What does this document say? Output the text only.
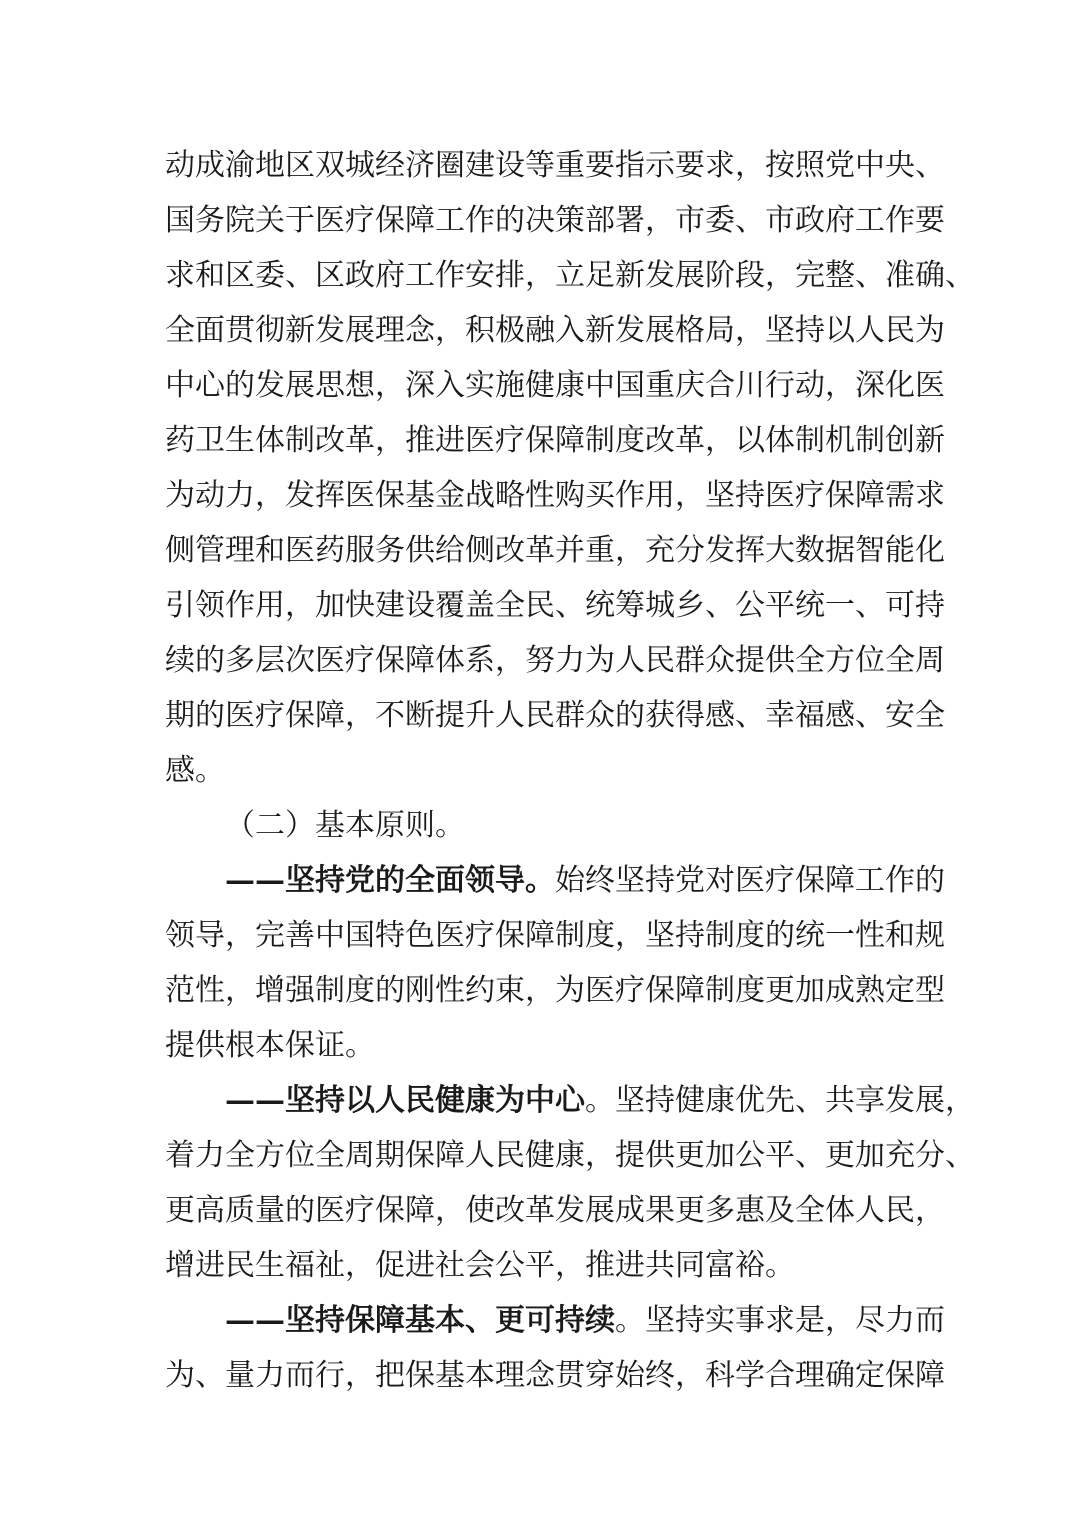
动成渝地区双城经济圈建设等重要指示要求，按照党中央、
国务院关于医疗保障工作的决策部署，市委、市政府工作要
求和区委、区政府工作安排，立足新发展阶段，完整、准确、
全面贯彻新发展理念，积极融入新发展格局，坚持以人民为
中心的发展思想，深入实施健康中国重庆合川行动，深化医
药卫生体制改革，推进医疗保障制度改革，以体制机制创新
为动力，发挥医保基金战略性购买作用，坚持医疗保障需求
侧管理和医药服务供给侧改革并重，充分发挥大数据智能化
引领作用，加快建设覆盖全民、统筹城乡、公平统一、可持
续的多层次医疗保障体系，努力为人民群众提供全方位全周
期的医疗保障，不断提升人民群众的获得感、幸福感、安全
感。
（二）基本原则。
——坚持党的全面领导。始终坚持党对医疗保障工作的
领导，完善中国特色医疗保障制度，坚持制度的统一性和规
范性，增强制度的刚性约束，为医疗保障制度更加成熟定型
提供根本保证。
——坚持以人民健康为中心。坚持健康优先、共享发展，
着力全方位全周期保障人民健康，提供更加公平、更加充分、
更高质量的医疗保障，使改革发展成果更多惠及全体人民，
增进民生福祉，促进社会公平，推进共同富裕。
——坚持保障基本、更可持续。坚持实事求是，尽力而
为、量力而行，把保基本理念贯穿始终，科学合理确定保障
